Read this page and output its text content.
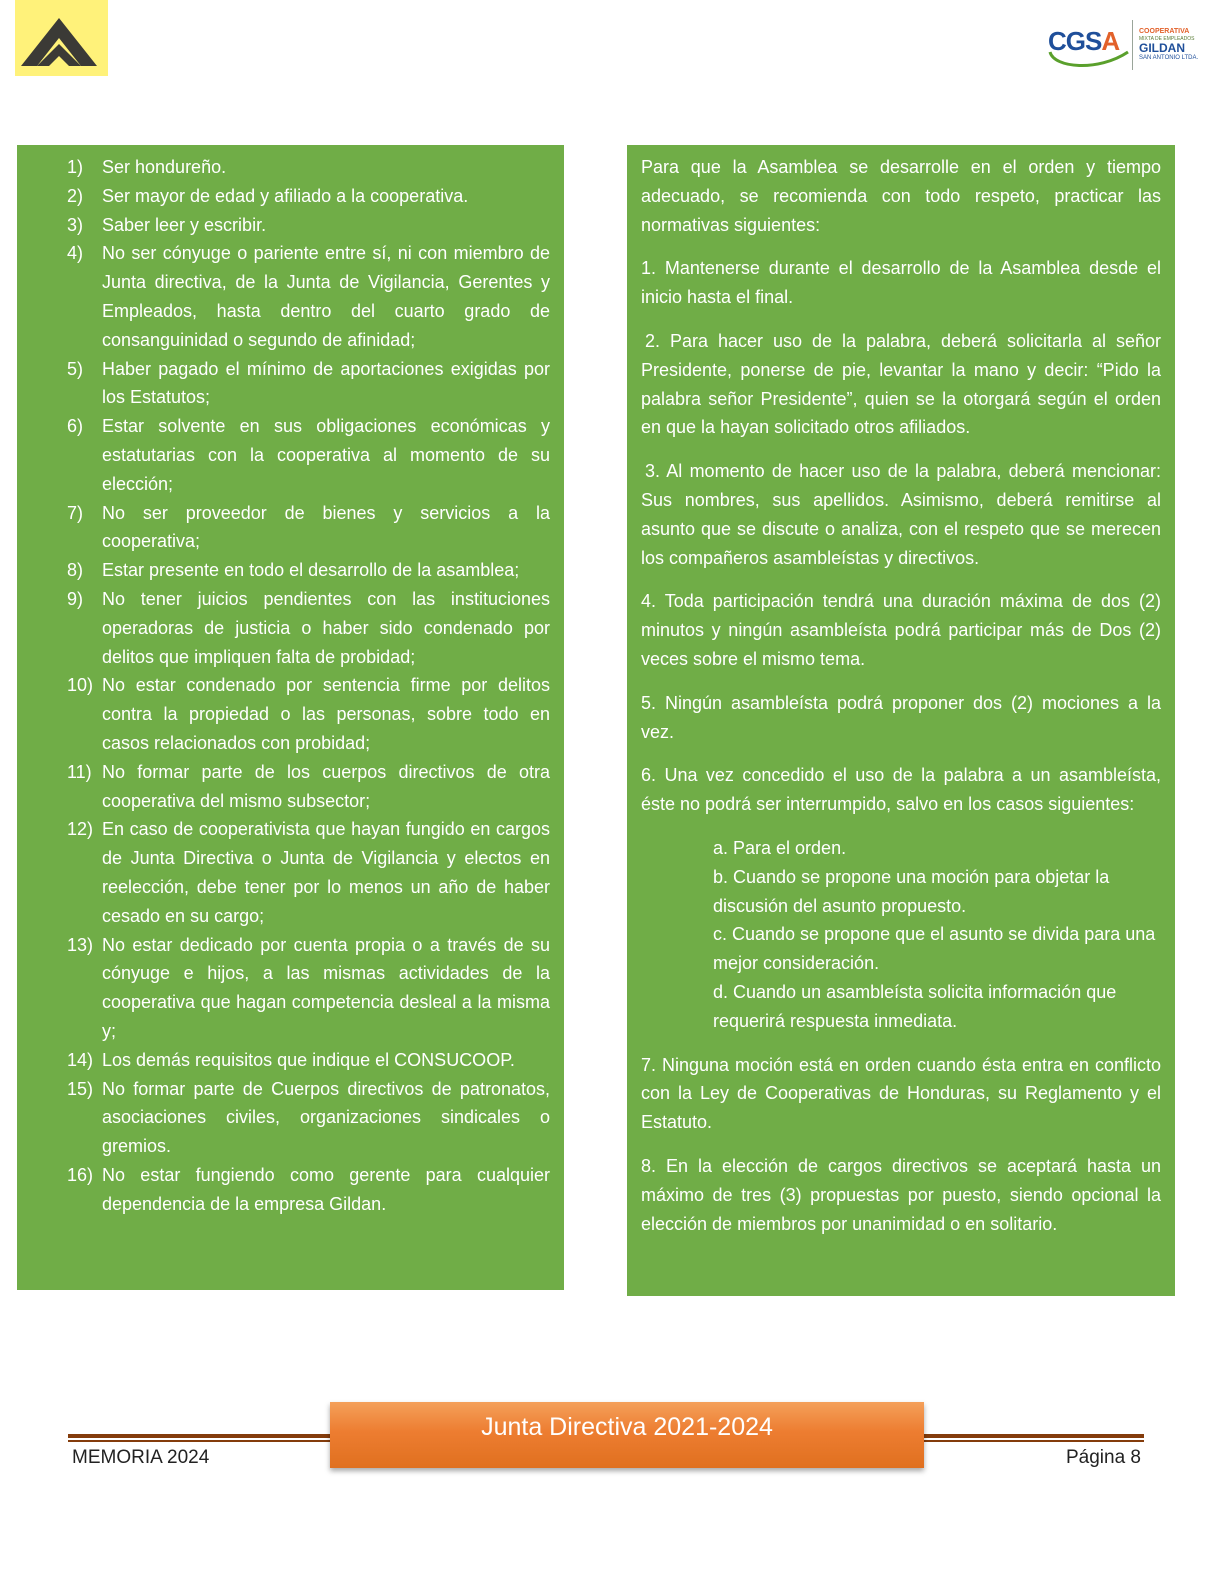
CGSA	COOPERATIVA
MIXTA DE EMPLEADOS
GILDAN
SAN ANTONIO LTDA.
1) Ser hondureño.
2) Ser mayor de edad y afiliado a la cooperativa.
3) Saber leer y escribir.
4) No ser cónyuge o pariente entre sí, ni con miembro de Junta directiva, de la Junta de Vigilancia, Gerentes y Empleados, hasta dentro del cuarto grado de consanguinidad o segundo de afinidad;
5) Haber pagado el mínimo de aportaciones exigidas por los Estatutos;
6) Estar solvente en sus obligaciones económicas y estatutarias con la cooperativa al momento de su elección;
7) No ser proveedor de bienes y servicios a la cooperativa;
8) Estar presente en todo el desarrollo de la asamblea;
9) No tener juicios pendientes con las instituciones operadoras de justicia o haber sido condenado por delitos que impliquen falta de probidad;
10) No estar condenado por sentencia firme por delitos contra la propiedad o las personas, sobre todo en casos relacionados con probidad;
11) No formar parte de los cuerpos directivos de otra cooperativa del mismo subsector;
12) En caso de cooperativista que hayan fungido en cargos de Junta Directiva o Junta de Vigilancia y electos en reelección, debe tener por lo menos un año de haber cesado en su cargo;
13) No estar dedicado por cuenta propia o a través de su cónyuge e hijos, a las mismas actividades de la cooperativa que hagan competencia desleal a la misma y;
14) Los demás requisitos que indique el CONSUCOOP.
15) No formar parte de Cuerpos directivos de patronatos, asociaciones civiles, organizaciones sindicales o gremios.
16) No estar fungiendo como gerente para cualquier dependencia de la empresa Gildan.

Para que la Asamblea se desarrolle en el orden y tiempo adecuado, se recomienda con todo respeto, practicar las normativas siguientes:

1. Mantenerse durante el desarrollo de la Asamblea desde el inicio hasta el final.

2. Para hacer uso de la palabra, deberá solicitarla al señor Presidente, ponerse de pie, levantar la mano y decir: “Pido la palabra señor Presidente”, quien se la otorgará según el orden en que la hayan solicitado otros afiliados.

3. Al momento de hacer uso de la palabra, deberá mencionar: Sus nombres, sus apellidos. Asimismo, deberá remitirse al asunto que se discute o analiza, con el respeto que se merecen los compañeros asambleístas y directivos.

4. Toda participación tendrá una duración máxima de dos (2) minutos y ningún asambleísta podrá participar más de Dos (2) veces sobre el mismo tema.

5. Ningún asambleísta podrá proponer dos (2) mociones a la vez.

6. Una vez concedido el uso de la palabra a un asambleísta, éste no podrá ser interrumpido, salvo en los casos siguientes:

a. Para el orden.
b. Cuando se propone una moción para objetar la discusión del asunto propuesto.
c. Cuando se propone que el asunto se divida para una mejor consideración.
d. Cuando un asambleísta solicita información que requerirá respuesta inmediata.

7. Ninguna moción está en orden cuando ésta entra en conflicto con la Ley de Cooperativas de Honduras, su Reglamento y el Estatuto.

8. En la elección de cargos directivos se aceptará hasta un máximo de tres (3) propuestas por puesto, siendo opcional la elección de miembros por unanimidad o en solitario.

Junta Directiva 2021-2024
MEMORIA 2024	Página 8
